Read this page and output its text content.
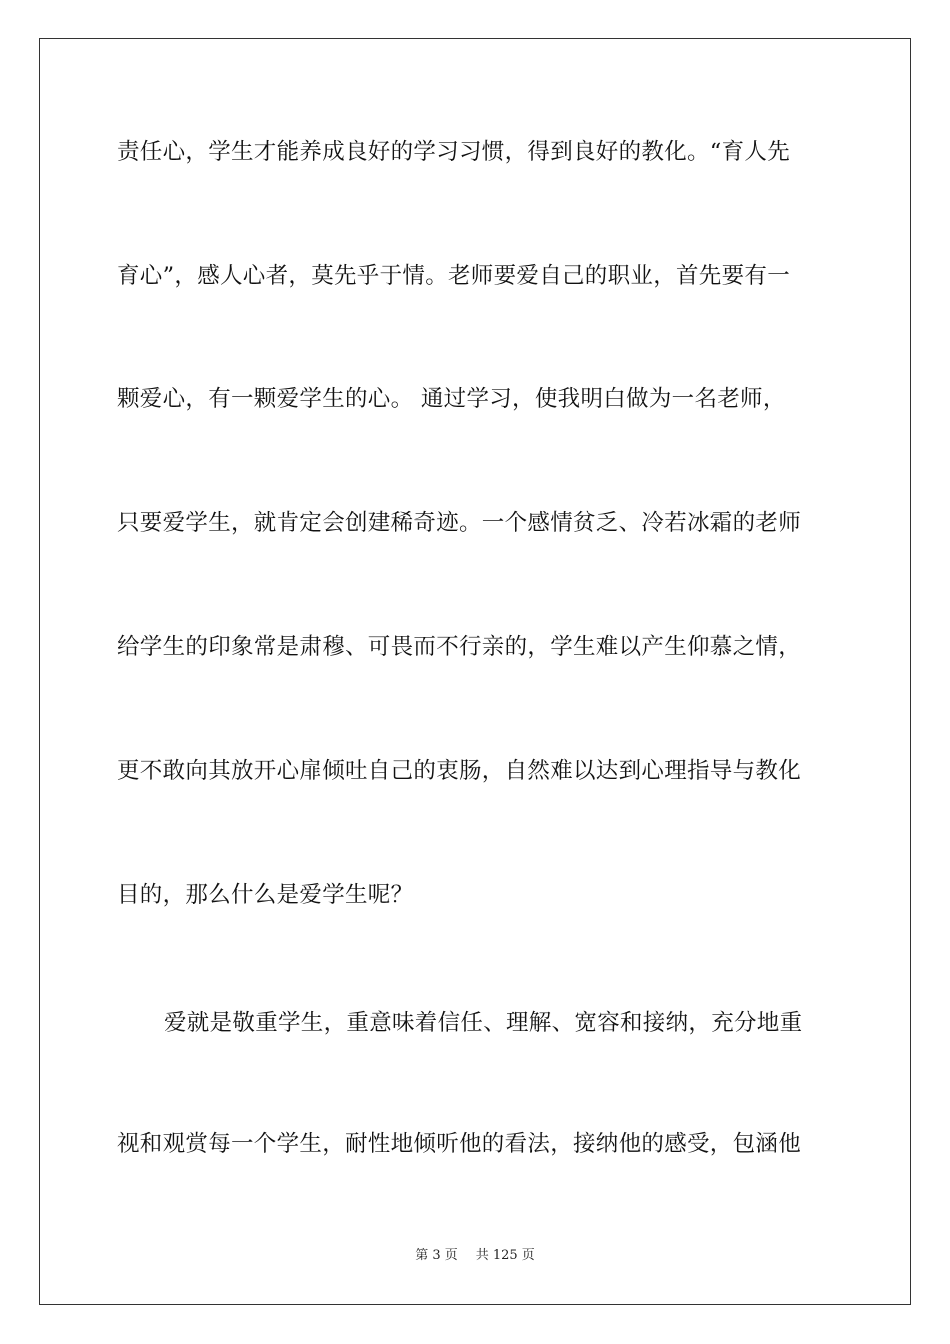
责任心，学生才能养成良好的学习习惯，得到良好的教化。“育人先
育心”，感人心者，莫先乎于情。老师要爱自己的职业，首先要有一
颗爱心，有一颗爱学生的心。 通过学习，使我明白做为一名老师，
只要爱学生，就肯定会创建稀奇迹。一个感情贫乏、冷若冰霜的老师
给学生的印象常是肃穆、可畏而不行亲的，学生难以产生仰慕之情，
更不敢向其放开心扉倾吐自己的衷肠，自然难以达到心理指导与教化
目的，那么什么是爱学生呢？
爱就是敬重学生，重意味着信任、理解、宽容和接纳，充分地重
视和观赏每一个学生，耐性地倾听他的看法，接纳他的感受，包涵他
第 3 页 共 125 页
